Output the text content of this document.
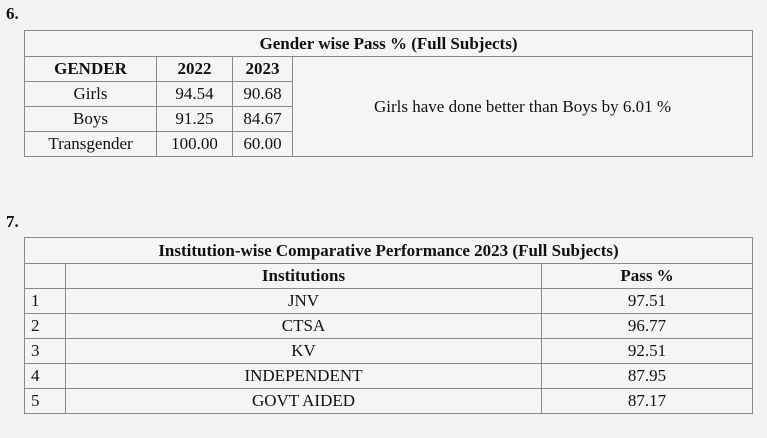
6.
Gender wise Pass % (Full Subjects)			
GENDER	2022	2023	Girls have done better than Boys by 6.01 %
Girls	94.54	90.68	
Boys	91.25	84.67	
Transgender	100.00	60.00	
7.
Institution-wise Comparative Performance 2023 (Full Subjects)		
	Institutions	Pass %
1	JNV	97.51
2	CTSA	96.77
3	KV	92.51
4	INDEPENDENT	87.95
5	GOVT AIDED	87.17
